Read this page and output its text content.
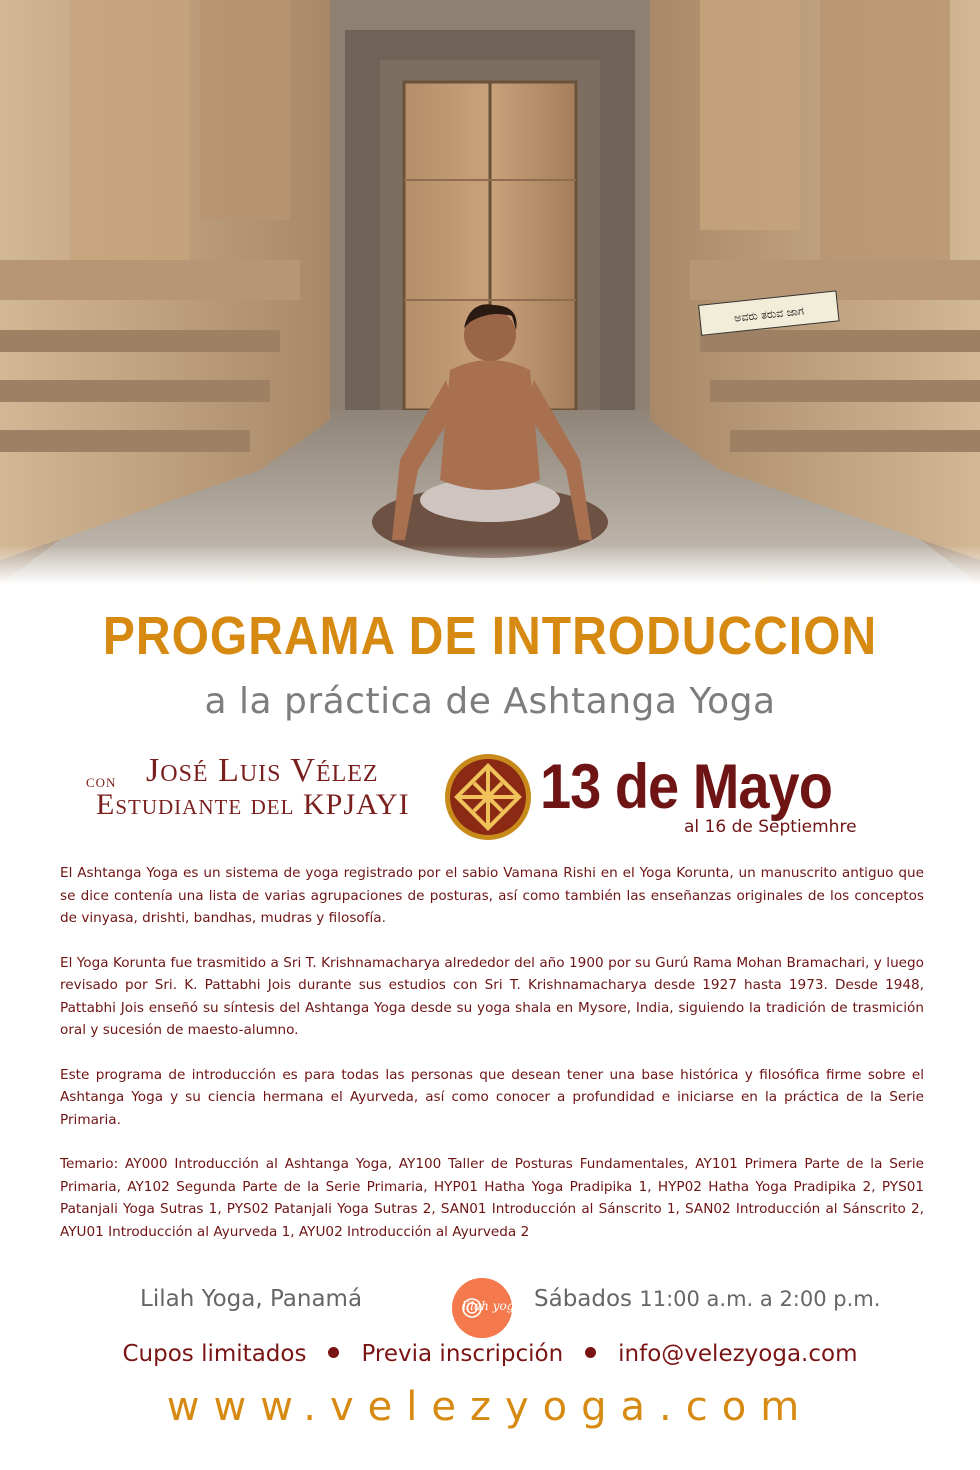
ಅವರು ತರುವ ಜಾಗ
PROGRAMA DE INTRODUCCION
a la práctica de Ashtanga Yoga
con José Luis Vélez
Estudiante del KPJAYI 13 de Mayo
al 16 de Septiemhre

El Ashtanga Yoga es un sistema de yoga registrado por el sabio Vamana Rishi en el Yoga Korunta, un manuscrito antiguo que se dice contenía una lista de varias agrupaciones de posturas, así como también las enseñanzas originales de los conceptos de vinyasa, drishti, bandhas, mudras y filosofía.

El Yoga Korunta fue trasmitido a Sri T. Krishnamacharya alrededor del año 1900 por su Gurú Rama Mohan Bramachari, y luego revisado por Sri. K. Pattabhi Jois durante sus estudios con Sri T. Krishnamacharya desde 1927 hasta 1973. Desde 1948, Pattabhi Jois enseñó su síntesis del Ashtanga Yoga desde su yoga shala en Mysore, India, siguiendo la tradición de trasmición oral y sucesión de maesto-alumno.

Este programa de introducción es para todas las personas que desean tener una base histórica y filosófica firme sobre el Ashtanga Yoga y su ciencia hermana el Ayurveda, así como conocer a profundidad e iniciarse en la práctica de la Serie Primaria.

Temario: AY000 Introducción al Ashtanga Yoga, AY100 Taller de Posturas Fundamentales, AY101 Primera Parte de la Serie Primaria, AY102 Segunda Parte de la Serie Primaria, HYP01 Hatha Yoga Pradipika 1, HYP02 Hatha Yoga Pradipika 2, PYS01 Patanjali Yoga Sutras 1, PYS02 Patanjali Yoga Sutras 2, SAN01 Introducción al Sánscrito 1, SAN02 Introducción al Sánscrito 2, AYU01 Introducción al Ayurveda 1, AYU02 Introducción al Ayurveda 2

Lilah Yoga, Panamá	lilah yoga Sábados 11:00 a.m. a 2:00 p.m.
Cupos limitados Previa inscripción info@velezyoga.com
www.velezyoga.com
